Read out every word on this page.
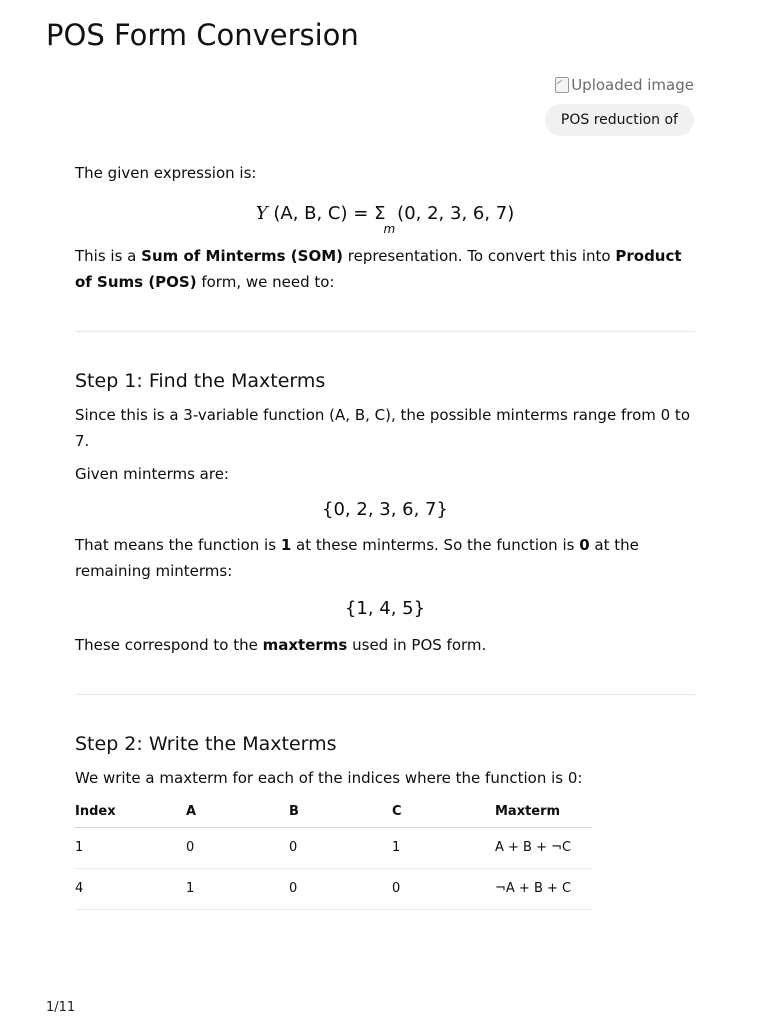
POS Form Conversion
Uploaded image
POS reduction of

The given expression is:

Y (A, B, $C) = \Sigma_m(0$, 2, 3, 6, 7)

This is a Sum of Minterms (SOM) representation. To convert this into Product of Sums (POS) form, we need to:

Step 1: Find the Maxterms

Since this is a 3-variable function (A, B, C), the possible minterms range from 0 to 7.

Given minterms are:

{0, 2, 3, 6, 7}

That means the function is 1 at these minterms. So the function is 0 at the remaining minterms:

{1, 4, 5}

These correspond to the maxterms used in POS form.

Step 2: Write the Maxterms

We write a maxterm for each of the indices where the function is 0:

Index	A	B	C	Maxterm
1	0	0	1	A + B + ¬C
4	1	0	0	¬A + B + C
1/11
